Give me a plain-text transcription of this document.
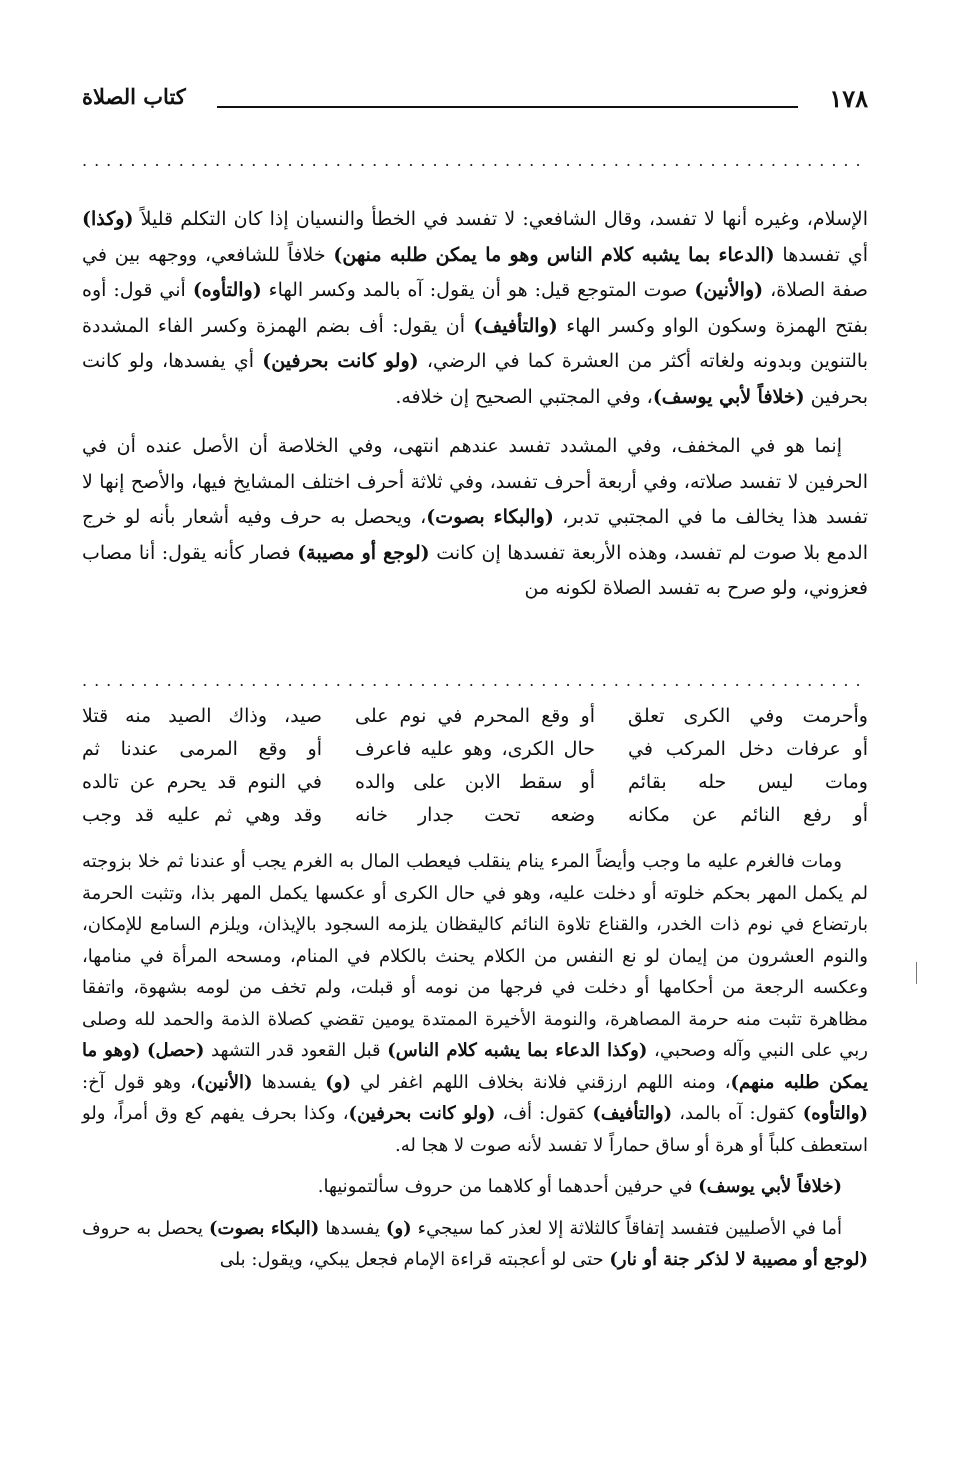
١٧٨
كتاب الصلاة
.....

الإسلام، وغيره أنها لا تفسد، وقال الشافعي: لا تفسد في الخطأ والنسيان إذا كان التكلم قليلاً (وكذا) أي تفسدها (الدعاء بما يشبه كلام الناس وهو ما يمكن طلبه منهن) خلافاً للشافعي، ووجهه بين في صفة الصلاة، (والأنين) صوت المتوجع قيل: هو أن يقول: آه بالمد وكسر الهاء (والتأوه) أني قول: أوه بفتح الهمزة وسكون الواو وكسر الهاء (والتأفيف) أن يقول: أف بضم الهمزة وكسر الفاء المشددة بالتنوين وبدونه ولغاته أكثر من العشرة كما في الرضي، (ولو كانت بحرفين) أي يفسدها، ولو كانت بحرفين (خلافاً لأبي يوسف)، وفي المجتبي الصحيح إن خلافه.

إنما هو في المخفف، وفي المشدد تفسد عندهم انتهى، وفي الخلاصة أن الأصل عنده أن في الحرفين لا تفسد صلاته، وفي أربعة أحرف تفسد، وفي ثلاثة أحرف اختلف المشايخ فيها، والأصح إنها لا تفسد هذا يخالف ما في المجتبي تدبر، (والبكاء بصوت)، ويحصل به حرف وفيه أشعار بأنه لو خرج الدمع بلا صوت لم تفسد، وهذه الأربعة تفسدها إن كانت (لوجع أو مصيبة) فصار كأنه يقول: أنا مصاب فعزوني، ولو صرح به تفسد الصلاة لكونه من

.....
وأحرمت وفي الكرى تعلق
أو وقع المحرم في نوم على
صيد، وذاك الصيد منه قتلا
أو عرفات دخل المركب في
حال الكرى، وهو عليه فاعرف
أو وقع المرمى عندنا ثم
ومات ليس حله بقائم
أو سقط الابن على والده
في النوم قد يحرم عن تالده
أو رفع النائم عن مكانه
وضعه تحت جدار خانه
وقد وهي ثم عليه قد وجب

ومات فالغرم عليه ما وجب وأيضاً المرء ينام ينقلب فيعطب المال به الغرم يجب أو عندنا ثم خلا بزوجته لم يكمل المهر بحكم خلوته أو دخلت عليه، وهو في حال الكرى أو عكسها يكمل المهر بذا، وتثبت الحرمة بارتضاع في نوم ذات الخدر، والقناع تلاوة النائم كاليقظان يلزمه السجود بالإيذان، ويلزم السامع للإمكان، والنوم العشرون من إيمان لو نع النفس من الكلام يحنث بالكلام في المنام، ومسحه المرأة في منامها، وعكسه الرجعة من أحكامها أو دخلت في فرجها من نومه أو قبلت، ولم تخف من لومه بشهوة، واتفقا مظاهرة تثبت منه حرمة المصاهرة، والنومة الأخيرة الممتدة يومين تقضي كصلاة الذمة والحمد لله وصلى ربي على النبي وآله وصحبي، (وكذا الدعاء بما يشبه كلام الناس) قبل القعود قدر التشهد (حصل) (وهو ما يمكن طلبه منهم)، ومنه اللهم ارزقني فلانة بخلاف اللهم اغفر لي (و) يفسدها (الأنين)، وهو قول آخ: (والتأوه) كقول: آه بالمد، (والتأفيف) كقول: أف، (ولو كانت بحرفين)، وكذا بحرف يفهم كع وق أمراً، ولو استعطف كلباً أو هرة أو ساق حماراً لا تفسد لأنه صوت لا هجا له.

(خلافاً لأبي يوسف) في حرفين أحدهما أو كلاهما من حروف سألتمونيها.

أما في الأصليين فتفسد إتفاقاً كالثلاثة إلا لعذر كما سيجيء (و) يفسدها (البكاء بصوت) يحصل به حروف (لوجع أو مصيبة لا لذكر جنة أو نار) حتى لو أعجبته قراءة الإمام فجعل يبكي، ويقول: بلى
